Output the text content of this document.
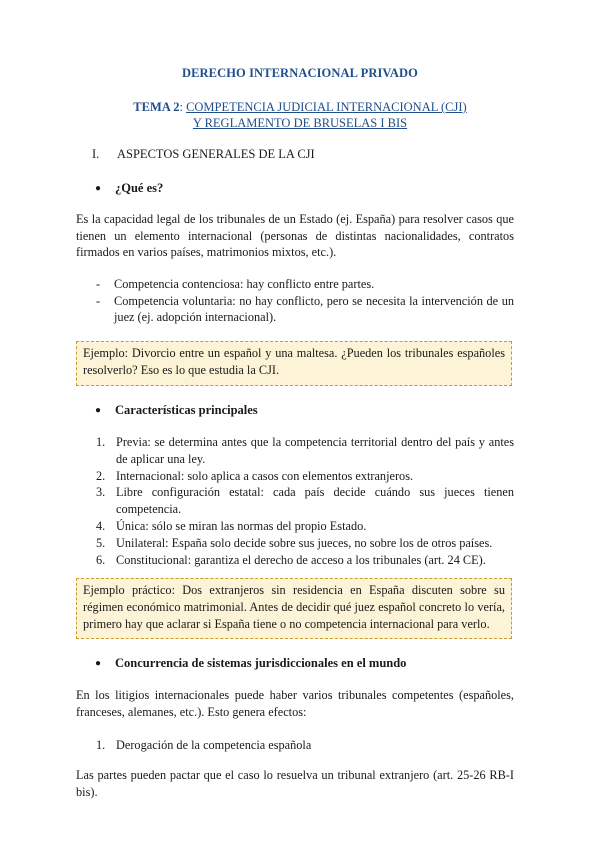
DERECHO INTERNACIONAL PRIVADO
TEMA 2: COMPETENCIA JUDICIAL INTERNACIONAL (CJI)
Y REGLAMENTO DE BRUSELAS I BIS
I. ASPECTOS GENERALES DE LA CJI
● ¿Qué es?
Es la capacidad legal de los tribunales de un Estado (ej. España) para resolver casos que tienen un elemento internacional (personas de distintas nacionalidades, contratos firmados en varios países, matrimonios mixtos, etc.).
- Competencia contenciosa: hay conflicto entre partes.
- Competencia voluntaria: no hay conflicto, pero se necesita la intervención de un juez (ej. adopción internacional).
Ejemplo: Divorcio entre un español y una maltesa. ¿Pueden los tribunales españoles resolverlo? Eso es lo que estudia la CJI.
● Características principales
1. Previa: se determina antes que la competencia territorial dentro del país y antes de aplicar una ley.
2. Internacional: solo aplica a casos con elementos extranjeros.
3. Libre configuración estatal: cada país decide cuándo sus jueces tienen competencia.
4. Única: sólo se miran las normas del propio Estado.
5. Unilateral: España solo decide sobre sus jueces, no sobre los de otros países.
6. Constitucional: garantiza el derecho de acceso a los tribunales (art. 24 CE).
Ejemplo práctico: Dos extranjeros sin residencia en España discuten sobre su régimen económico matrimonial. Antes de decidir qué juez español concreto lo vería, primero hay que aclarar si España tiene o no competencia internacional para verlo.
● Concurrencia de sistemas jurisdiccionales en el mundo
En los litigios internacionales puede haber varios tribunales competentes (españoles, franceses, alemanes, etc.). Esto genera efectos:
1. Derogación de la competencia española
Las partes pueden pactar que el caso lo resuelva un tribunal extranjero (art. 25-26 RB-I bis).
